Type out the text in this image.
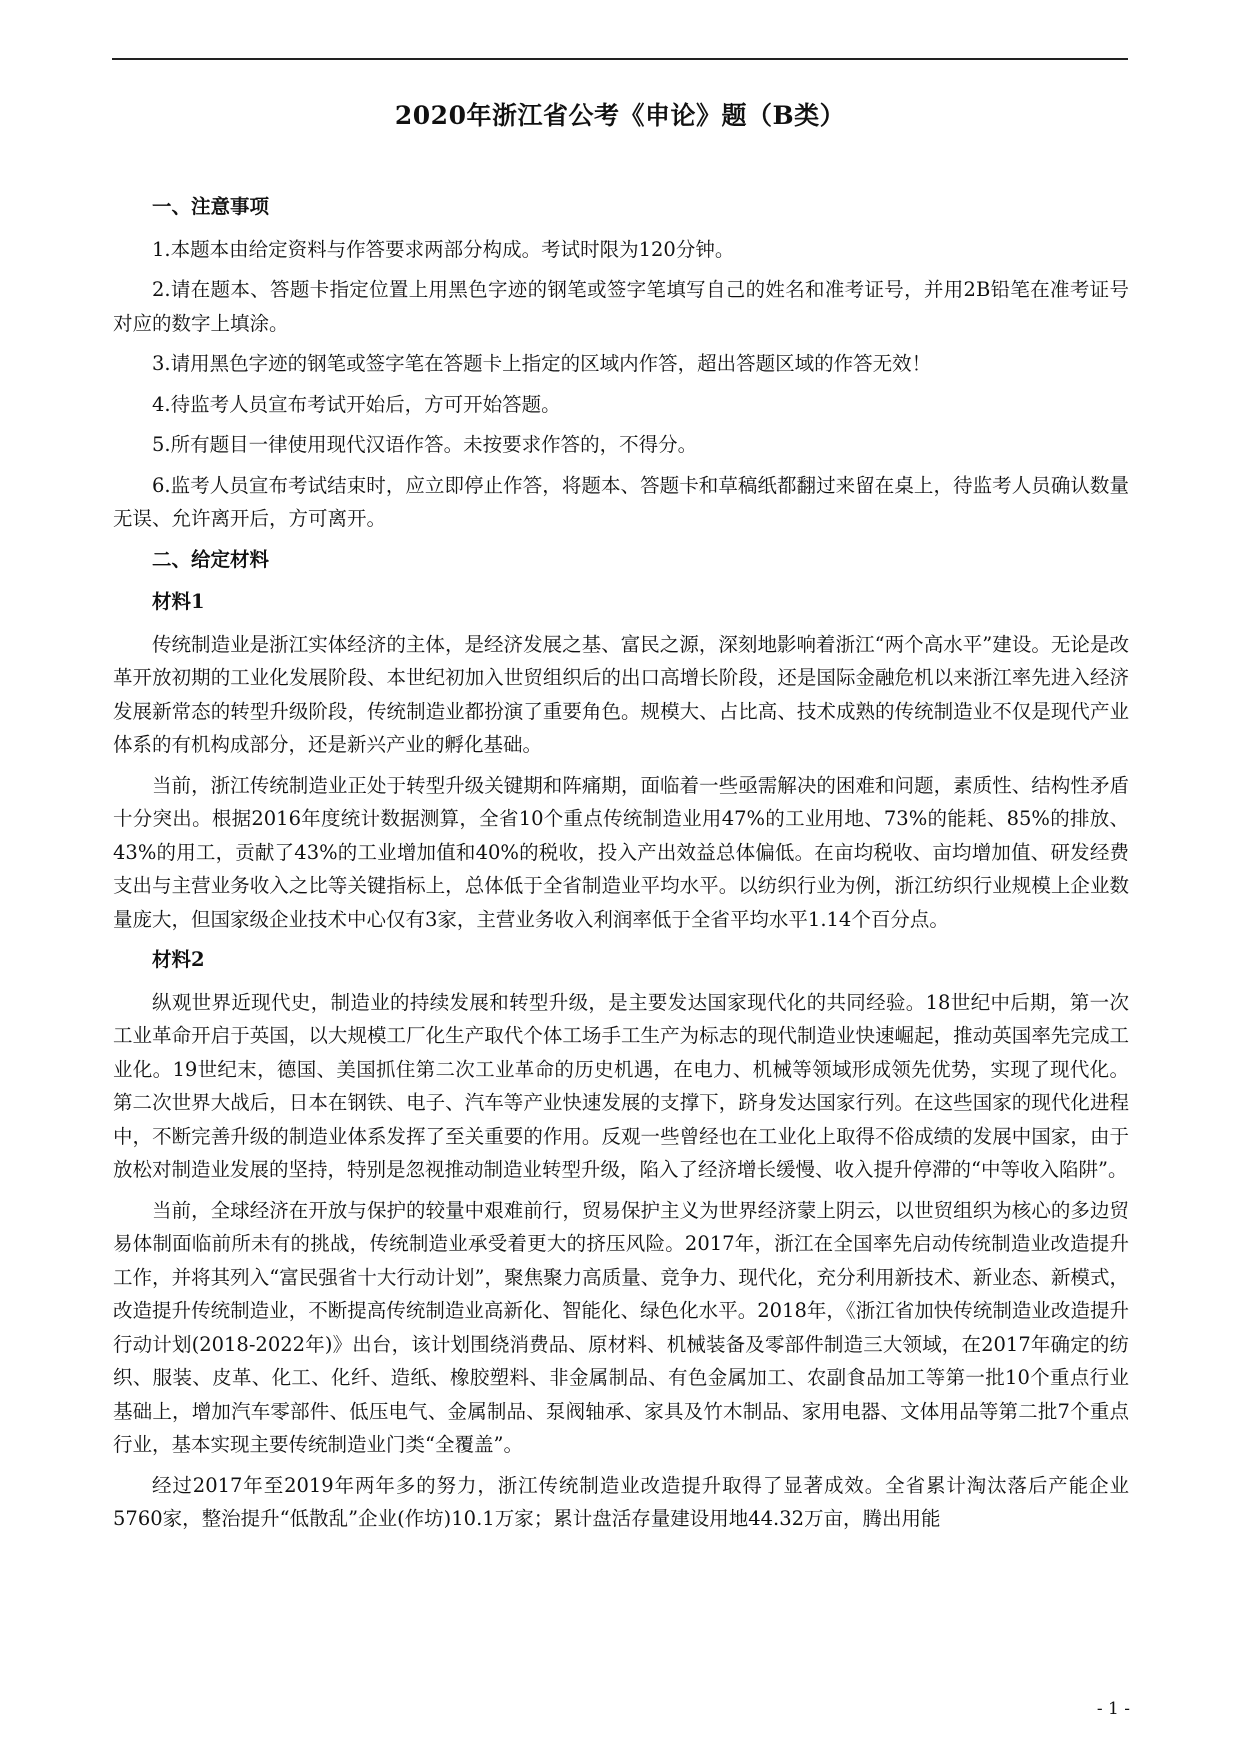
2020年浙江省公考《申论》题（B类）
一、注意事项

1.本题本由给定资料与作答要求两部分构成。考试时限为120分钟。

2.请在题本、答题卡指定位置上用黑色字迹的钢笔或签字笔填写自己的姓名和准考证号，并用2B铅笔在准考证号对应的数字上填涂。

3.请用黑色字迹的钢笔或签字笔在答题卡上指定的区域内作答，超出答题区域的作答无效！

4.待监考人员宣布考试开始后，方可开始答题。

5.所有题目一律使用现代汉语作答。未按要求作答的，不得分。

6.监考人员宣布考试结束时，应立即停止作答，将题本、答题卡和草稿纸都翻过来留在桌上，待监考人员确认数量无误、允许离开后，方可离开。

二、给定材料
材料1

传统制造业是浙江实体经济的主体，是经济发展之基、富民之源，深刻地影响着浙江“两个高水平”建设。无论是改革开放初期的工业化发展阶段、本世纪初加入世贸组织后的出口高增长阶段，还是国际金融危机以来浙江率先进入经济发展新常态的转型升级阶段，传统制造业都扮演了重要角色。规模大、占比高、技术成熟的传统制造业不仅是现代产业体系的有机构成部分，还是新兴产业的孵化基础。

当前，浙江传统制造业正处于转型升级关键期和阵痛期，面临着一些亟需解决的困难和问题，素质性、结构性矛盾十分突出。根据2016年度统计数据测算，全省10个重点传统制造业用47%的工业用地、73%的能耗、85%的排放、43%的用工，贡献了43%的工业增加值和40%的税收，投入产出效益总体偏低。在亩均税收、亩均增加值、研发经费支出与主营业务收入之比等关键指标上，总体低于全省制造业平均水平。以纺织行业为例，浙江纺织行业规模上企业数量庞大，但国家级企业技术中心仅有3家，主营业务收入利润率低于全省平均水平1.14个百分点。

材料2

纵观世界近现代史，制造业的持续发展和转型升级，是主要发达国家现代化的共同经验。18世纪中后期，第一次工业革命开启于英国，以大规模工厂化生产取代个体工场手工生产为标志的现代制造业快速崛起，推动英国率先完成工业化。19世纪末，德国、美国抓住第二次工业革命的历史机遇，在电力、机械等领域形成领先优势，实现了现代化。第二次世界大战后，日本在钢铁、电子、汽车等产业快速发展的支撑下，跻身发达国家行列。在这些国家的现代化进程中，不断完善升级的制造业体系发挥了至关重要的作用。反观一些曾经也在工业化上取得不俗成绩的发展中国家，由于放松对制造业发展的坚持，特别是忽视推动制造业转型升级，陷入了经济增长缓慢、收入提升停滞的“中等收入陷阱”。

当前，全球经济在开放与保护的较量中艰难前行，贸易保护主义为世界经济蒙上阴云，以世贸组织为核心的多边贸易体制面临前所未有的挑战，传统制造业承受着更大的挤压风险。2017年，浙江在全国率先启动传统制造业改造提升工作，并将其列入“富民强省十大行动计划”，聚焦聚力高质量、竞争力、现代化，充分利用新技术、新业态、新模式，改造提升传统制造业，不断提高传统制造业高新化、智能化、绿色化水平。2018年，《浙江省加快传统制造业改造提升行动计划(2018-2022年)》出台，该计划围绕消费品、原材料、机械装备及零部件制造三大领域，在2017年确定的纺织、服装、皮革、化工、化纤、造纸、橡胶塑料、非金属制品、有色金属加工、农副食品加工等第一批10个重点行业基础上，增加汽车零部件、低压电气、金属制品、泵阀轴承、家具及竹木制品、家用电器、文体用品等第二批7个重点行业，基本实现主要传统制造业门类“全覆盖”。

经过2017年至2019年两年多的努力，浙江传统制造业改造提升取得了显著成效。全省累计淘汰落后产能企业5760家，整治提升“低散乱”企业(作坊)10.1万家；累计盘活存量建设用地44.32万亩，腾出用能

- 1 -
